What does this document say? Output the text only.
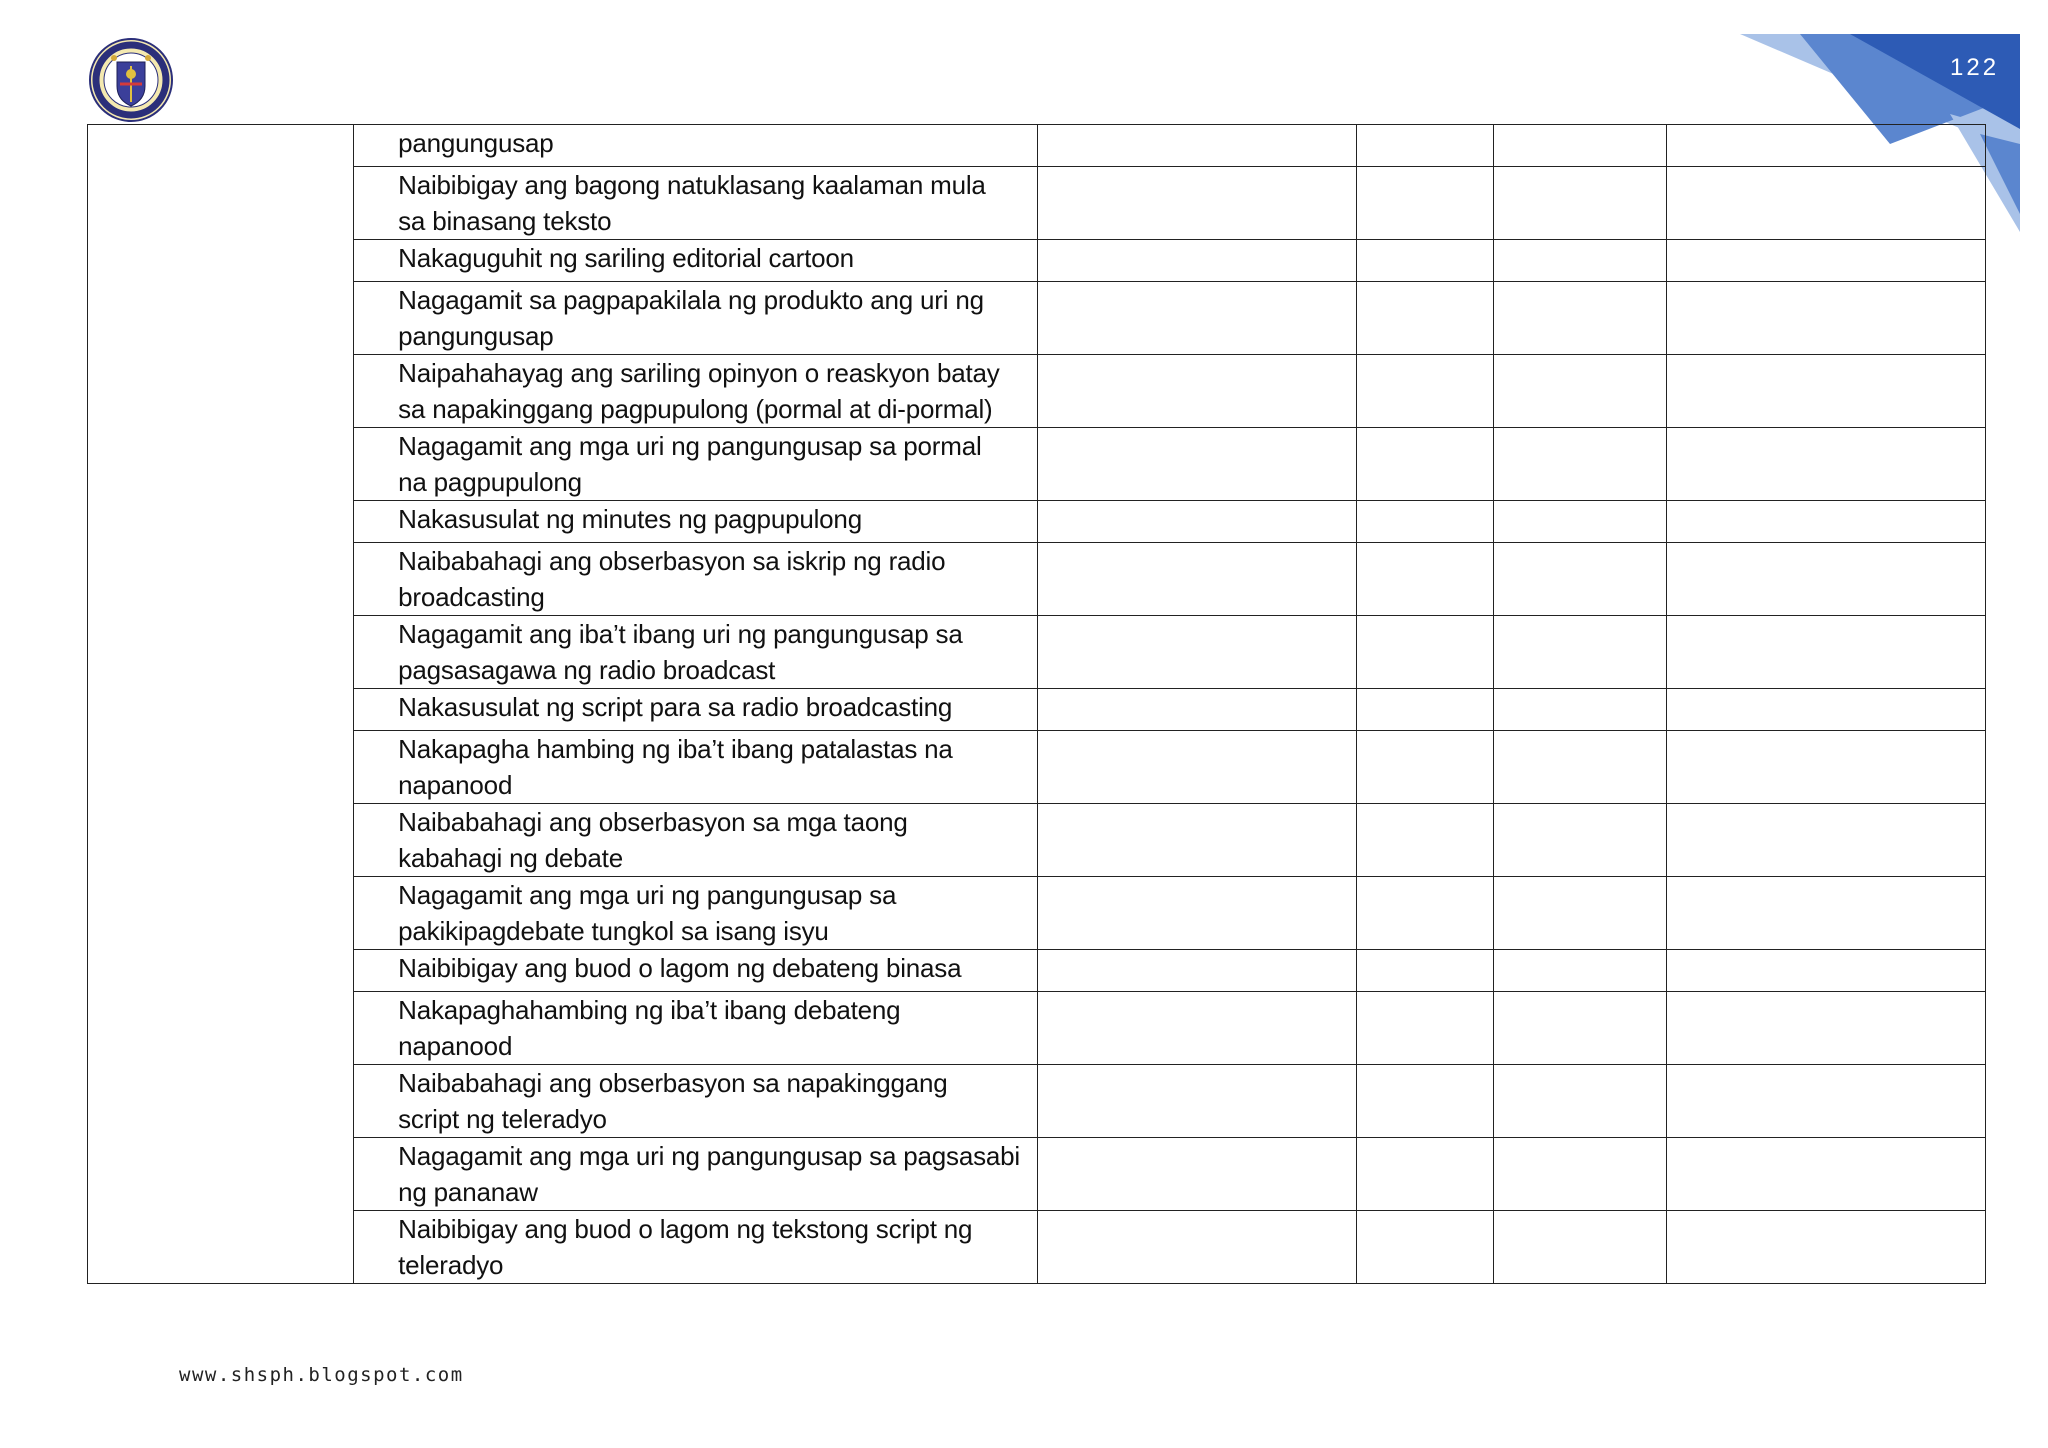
122
	pangungusap				
	Naibibigay ang bagong natuklasang kaalaman mula
sa binasang teksto				
	Nakaguguhit ng sariling editorial cartoon				
	Nagagamit sa pagpapakilala ng produkto ang uri ng
pangungusap				
	Naipahahayag ang sariling opinyon o reaskyon batay
sa napakinggang pagpupulong (pormal at di-pormal)				
	Nagagamit ang mga uri ng pangungusap sa pormal
na pagpupulong				
	Nakasusulat ng minutes ng pagpupulong				
	Naibabahagi ang obserbasyon sa iskrip ng radio
broadcasting				
	Nagagamit ang iba’t ibang uri ng pangungusap sa
pagsasagawa ng radio broadcast				
	Nakasusulat ng script para sa radio broadcasting				
	Nakapagha hambing ng iba’t ibang patalastas na
napanood				
	Naibabahagi ang obserbasyon sa mga taong
kabahagi ng debate				
	Nagagamit ang mga uri ng pangungusap sa
pakikipagdebate tungkol sa isang isyu				
	Naibibigay ang buod o lagom ng debateng binasa				
	Nakapaghahambing ng iba’t ibang debateng
napanood				
	Naibabahagi ang obserbasyon sa napakinggang
script ng teleradyo				
	Nagagamit ang mga uri ng pangungusap sa pagsasabi
ng pananaw				
	Naibibigay ang buod o lagom ng tekstong script ng
teleradyo				
www.shsph.blogspot.com
